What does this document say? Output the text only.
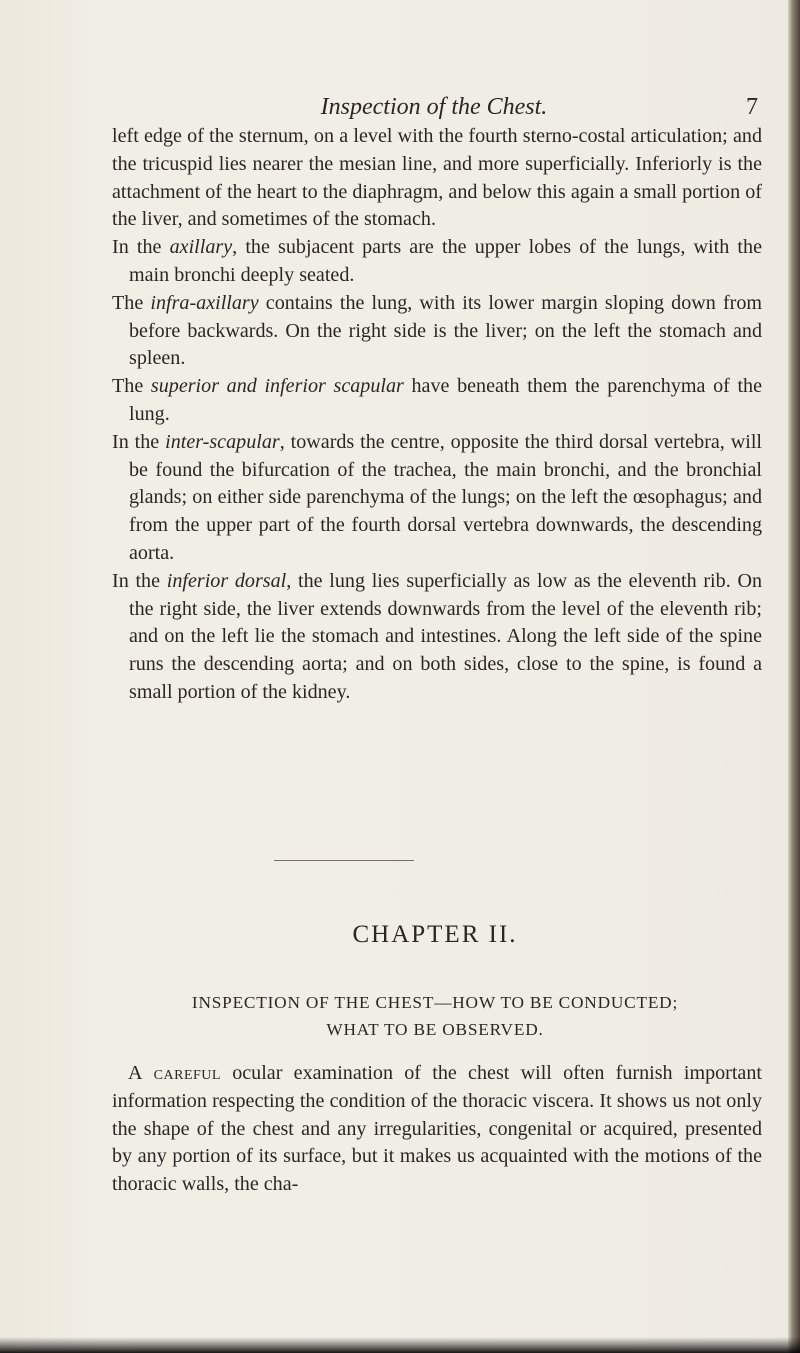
Inspection of the Chest.	7

left edge of the sternum, on a level with the fourth sterno-costal articulation; and the tricuspid lies nearer the mesian line, and more superficially. Inferiorly is the attachment of the heart to the diaphragm, and below this again a small portion of the liver, and sometimes of the stomach.

In the axillary, the subjacent parts are the upper lobes of the lungs, with the main bronchi deeply seated.

The infra-axillary contains the lung, with its lower margin sloping down from before backwards. On the right side is the liver; on the left the stomach and spleen.

The superior and inferior scapular have beneath them the parenchyma of the lung.

In the inter-scapular, towards the centre, opposite the third dorsal vertebra, will be found the bifurcation of the trachea, the main bronchi, and the bronchial glands; on either side parenchyma of the lungs; on the left the œsophagus; and from the upper part of the fourth dorsal vertebra downwards, the descending aorta.

In the inferior dorsal, the lung lies superficially as low as the eleventh rib. On the right side, the liver extends downwards from the level of the eleventh rib; and on the left lie the stomach and intestines. Along the left side of the spine runs the descending aorta; and on both sides, close to the spine, is found a small portion of the kidney.

CHAPTER II.
INSPECTION OF THE CHEST—HOW TO BE CONDUCTED;
WHAT TO BE OBSERVED.

A careful ocular examination of the chest will often furnish important information respecting the condition of the thoracic viscera. It shows us not only the shape of the chest and any irregularities, congenital or acquired, presented by any portion of its surface, but it makes us acquainted with the motions of the thoracic walls, the cha-
